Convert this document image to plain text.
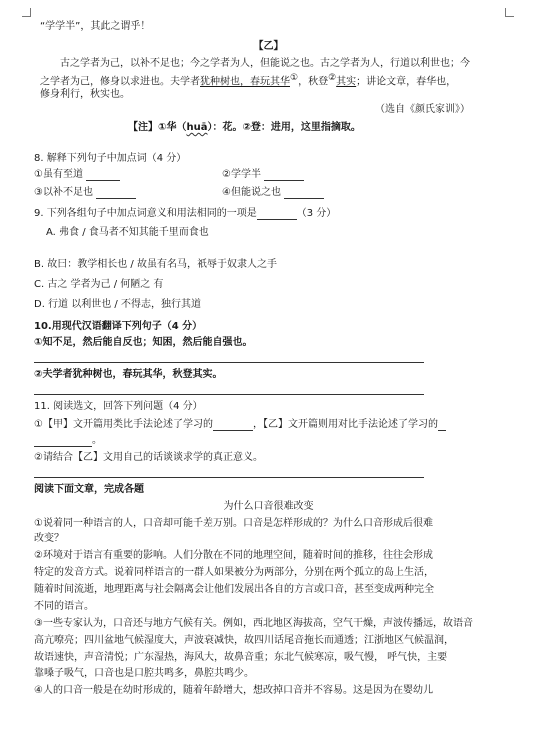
“学学半”，其此之谓乎！
【乙】
古之学者为己，以补不足也；今之学者为人，但能说之也。古之学者为人，行道以利世也；今
之学者为己，修身以求进也。夫学者犹种树也，春玩其华①，秋登②其实；讲论文章，春华也，
修身利行，秋实也。
（选自《颜氏家训》）
【注】①华（huā）：花。②登：进用，这里指摘取。
8. 解释下列句子中加点词（4 分）
①虽有至道	②学学半
③以补不足也	④但能说之也
9. 下列各组句子中加点词意义和用法相同的一项是	（3 分）
A. 弗食 / 食马者不知其能千里而食也
B. 故曰：教学相长也 / 故虽有名马，祇辱于奴隶人之手
C. 古之 学者为己 / 何陋之 有
D. 行道 以利世也 / 不得志，独行其道
10.用现代汉语翻译下列句子（4 分）
①知不足，然后能自反也；知困，然后能自强也。
②夫学者犹种树也，春玩其华，秋登其实。
11. 阅读选文，回答下列问题（4 分）
①【甲】文开篇用类比手法论述了学习的	，【乙】文开篇则用对比手法论述了学习的
。
②请结合【乙】文用自己的话谈谈求学的真正意义。
阅读下面文章，完成各题
为什么口音很难改变
①说着同一种语言的人，口音却可能千差万别。口音是怎样形成的？为什么口音形成后很难
改变？
②环境对于语言有重要的影响。人们分散在不同的地理空间，随着时间的推移，往往会形成
特定的发音方式。说着同样语言的一群人如果被分为两部分，分别在两个孤立的岛上生活，
随着时间流逝，地理距离与社会隔离会让他们发展出各自的方言或口音，甚至变成两种完全
不同的语言。
③一些专家认为，口音还与地方气候有关。例如，西北地区海拔高，空气干燥，声波传播远，故语音
高亢嘹亮；四川盆地气候湿度大，声波衰减快，故四川话尾音拖长而通透；江浙地区气候温润，
故语速快，声音清悦；广东湿热，海风大，故鼻音重；东北气候寒凉，吸气慢， 呼气快，主要
靠嗓子吸气，口音也是口腔共鸣多，鼻腔共鸣少。
④人的口音一般是在幼时形成的，随着年龄增大，想改掉口音并不容易。这是因为在婴幼儿
